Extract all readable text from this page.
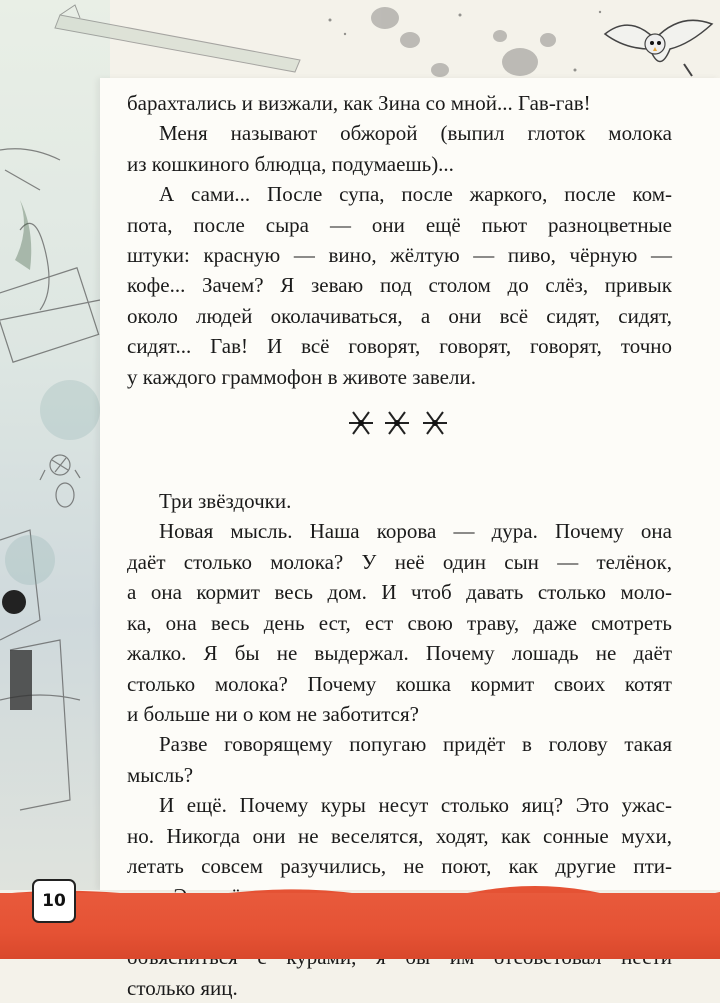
барахтались и визжали, как Зина со мной... Гав-гав!
Меня называют обжорой (выпил глоток молока
из кошкиного блюдца, подумаешь)...
А сами... После супа, после жаркого, после ком-
пота, после сыра — они ещё пьют разноцветные
штуки: красную — вино, жёлтую — пиво, чёрную —
кофе... Зачем? Я зеваю под столом до слёз, привык
около людей околачиваться, а они всё сидят, сидят,
сидят... Гав! И всё говорят, говорят, говорят, точно
у каждого граммофон в животе завели.
Три звёздочки.
Новая мысль. Наша корова — дура. Почему она
даёт столько молока? У неё один сын — телёнок,
а она кормит весь дом. И чтоб давать столько моло-
ка, она весь день ест, ест свою траву, даже смотреть
жалко. Я бы не выдержал. Почему лошадь не даёт
столько молока? Почему кошка кормит своих котят
и больше ни о ком не заботится?
Разве говорящему попугаю придёт в голову такая
мысль?
И ещё. Почему куры несут столько яиц? Это ужас-
но. Никогда они не веселятся, ходят, как сонные мухи,
летать совсем разучились, не поют, как другие пти-
столько яиц.
10
